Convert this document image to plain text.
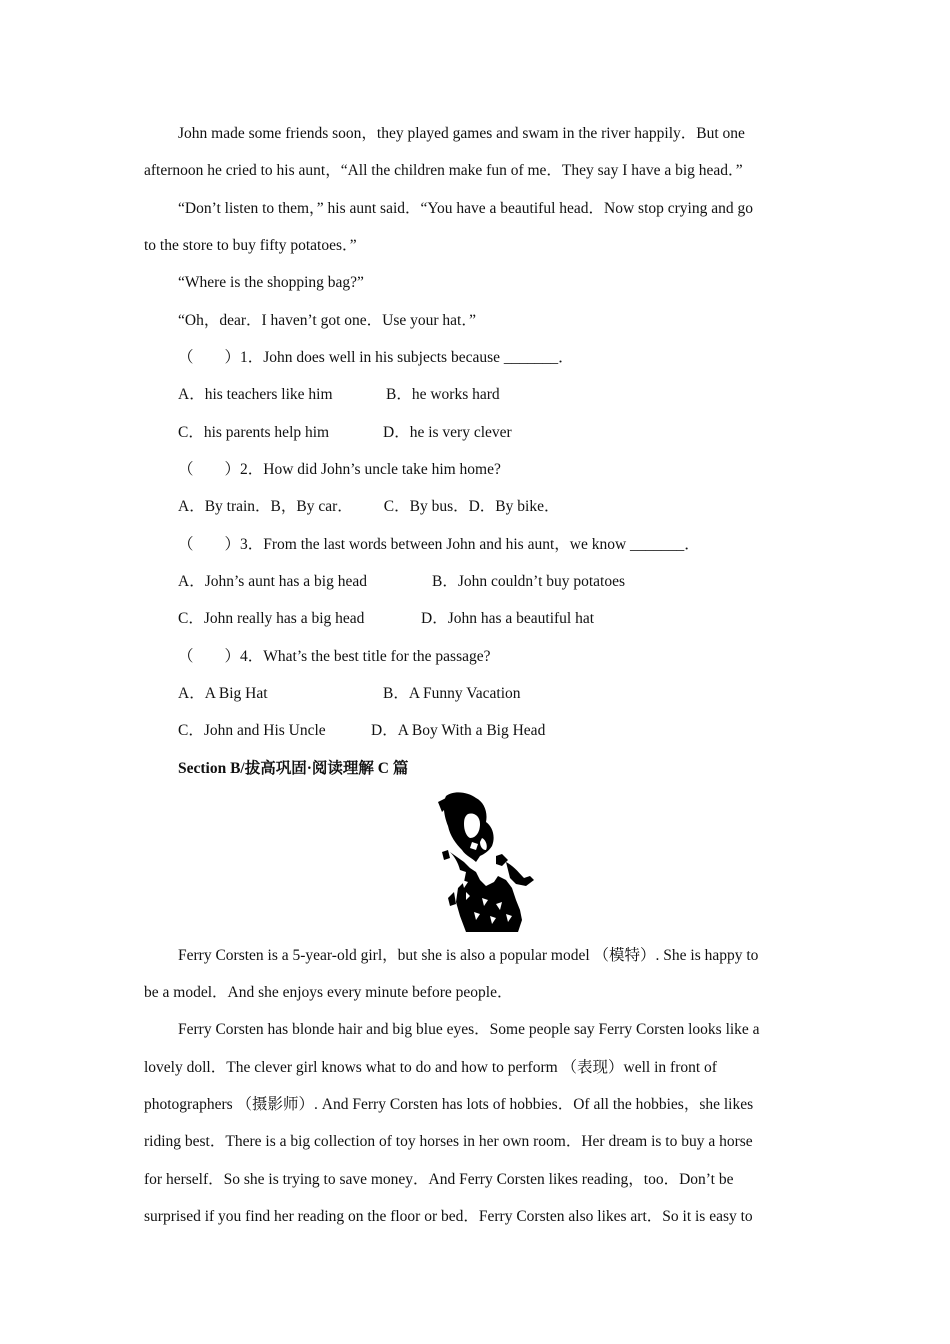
John made some friends soon，they played games and swam in the river happily．But one
afternoon he cried to his aunt，“All the children make fun of me．They say I have a big head．”
“Don’t listen to them，” his aunt said．“You have a beautiful head．Now stop crying and go
to the store to buy fifty potatoes．”
“Where is the shopping bag?”
“Oh，dear．I haven’t got one．Use your hat．”
（　　）1．John does well in his subjects because _______．
A．his teachers like him	B．he works hard
C．his parents help him	D．he is very clever
（　　）2．How did John’s uncle take him home?
A．By train．B，By car．        C．By bus．D．By bike．
（　　）3．From the last words between John and his aunt，we know _______．
A．John’s aunt has a big head	B．John couldn’t buy potatoes
C．John really has a big head	D．John has a beautiful hat
（　　）4．What’s the best title for the passage?
A．A Big Hat	B．A Funny Vacation
C．John and His Uncle	D．A Boy With a Big Head
Section B/拔高巩固·阅读理解 C 篇
Ferry Corsten is a 5-year-old girl，but she is also a popular model （模特）. She is happy to
be a model．And she enjoys every minute before people．
Ferry Corsten has blonde hair and big blue eyes．Some people say Ferry Corsten looks like a
lovely doll．The clever girl knows what to do and how to perform （表现）well in front of
photographers （摄影师）. And Ferry Corsten has lots of hobbies．Of all the hobbies，she likes
riding best．There is a big collection of toy horses in her own room．Her dream is to buy a horse
for herself．So she is trying to save money．And Ferry Corsten likes reading，too．Don’t be
surprised if you find her reading on the floor or bed．Ferry Corsten also likes art．So it is easy to
